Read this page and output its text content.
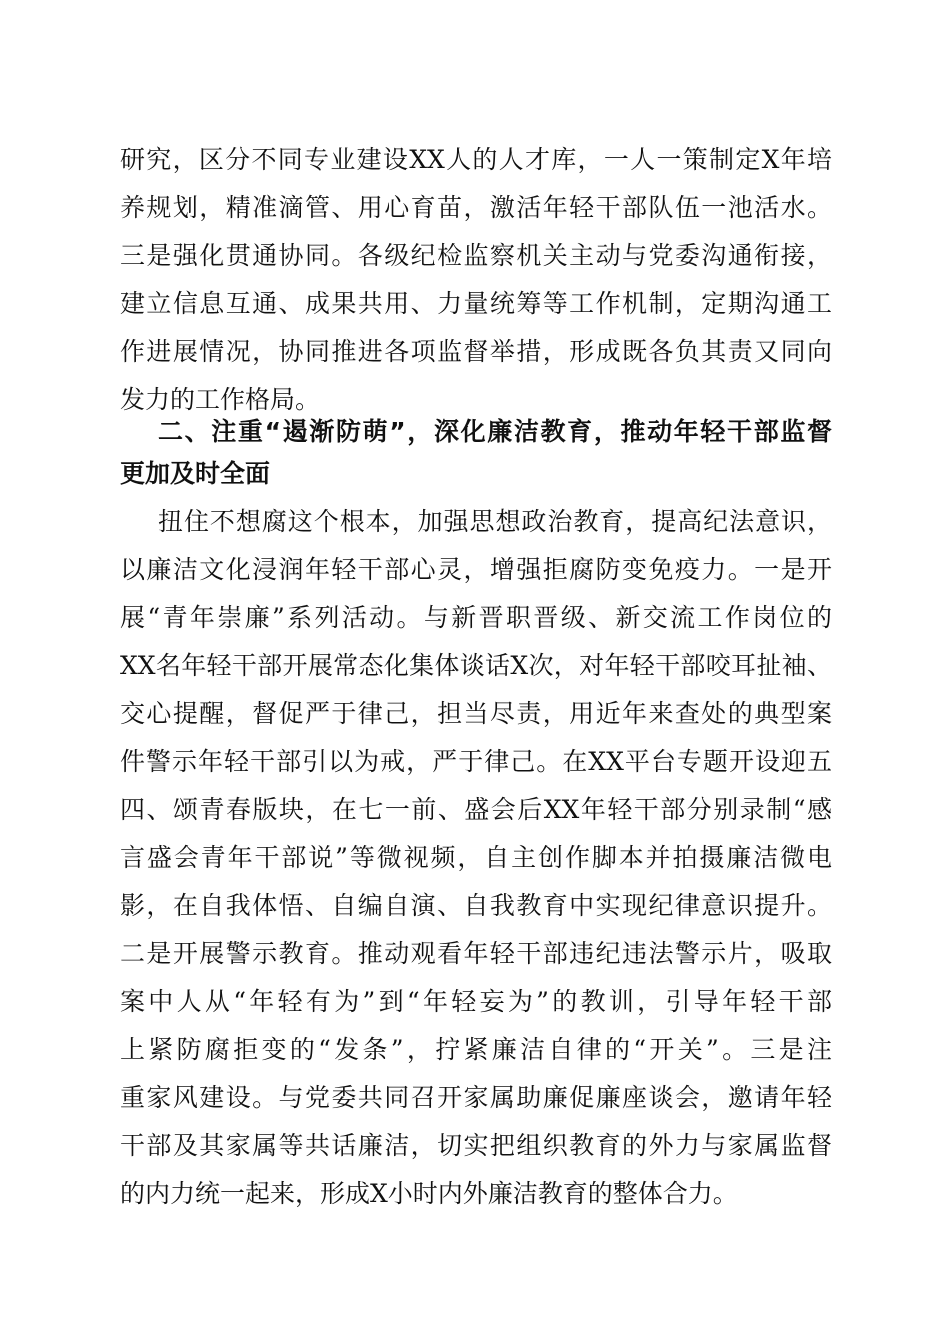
研究，区分不同专业建设XX人的人才库，一人一策制定X年培
养规划，精准滴管、用心育苗，激活年轻干部队伍一池活水。
三是强化贯通协同。各级纪检监察机关主动与党委沟通衔接，
建立信息互通、成果共用、力量统筹等工作机制，定期沟通工
作进展情况，协同推进各项监督举措，形成既各负其责又同向
发力的工作格局。
二、注重“遏渐防萌”，深化廉洁教育，推动年轻干部监督
更加及时全面
扭住不想腐这个根本，加强思想政治教育，提高纪法意识，
以廉洁文化浸润年轻干部心灵，增强拒腐防变免疫力。一是开
展“青年崇廉”系列活动。与新晋职晋级、新交流工作岗位的
XX名年轻干部开展常态化集体谈话X次，对年轻干部咬耳扯袖、
交心提醒，督促严于律己，担当尽责，用近年来查处的典型案
件警示年轻干部引以为戒，严于律己。在XX平台专题开设迎五
四、颂青春版块，在七一前、盛会后XX年轻干部分别录制“感
言盛会青年干部说”等微视频，自主创作脚本并拍摄廉洁微电
影，在自我体悟、自编自演、自我教育中实现纪律意识提升。
二是开展警示教育。推动观看年轻干部违纪违法警示片，吸取
案中人从“年轻有为”到“年轻妄为”的教训，引导年轻干部
上紧防腐拒变的“发条”，拧紧廉洁自律的“开关”。三是注
重家风建设。与党委共同召开家属助廉促廉座谈会，邀请年轻
干部及其家属等共话廉洁，切实把组织教育的外力与家属监督
的内力统一起来，形成X小时内外廉洁教育的整体合力。
